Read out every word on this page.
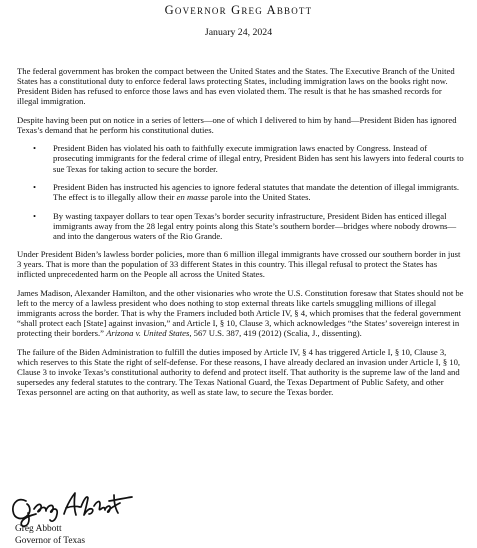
Governor Greg Abbott
January 24, 2024

The federal government has broken the compact between the United States and the States. The Executive Branch of the United States has a constitutional duty to enforce federal laws protecting States, including immigration laws on the books right now. President Biden has refused to enforce those laws and has even violated them. The result is that he has smashed records for illegal immigration.

Despite having been put on notice in a series of letters—one of which I delivered to him by hand—President Biden has ignored Texas’s demand that he perform his constitutional duties.

• President Biden has violated his oath to faithfully execute immigration laws enacted by Congress. Instead of prosecuting immigrants for the federal crime of illegal entry, President Biden has sent his lawyers into federal courts to sue Texas for taking action to secure the border.
• President Biden has instructed his agencies to ignore federal statutes that mandate the detention of illegal immigrants. The effect is to illegally allow their en masse parole into the United States.
• By wasting taxpayer dollars to tear open Texas’s border security infrastructure, President Biden has enticed illegal immigrants away from the 28 legal entry points along this State’s southern border—bridges where nobody drowns—and into the dangerous waters of the Rio Grande.

Under President Biden’s lawless border policies, more than 6 million illegal immigrants have crossed our southern border in just 3 years. That is more than the population of 33 different States in this country. This illegal refusal to protect the States has inflicted unprecedented harm on the People all across the United States.

James Madison, Alexander Hamilton, and the other visionaries who wrote the U.S. Constitution foresaw that States should not be left to the mercy of a lawless president who does nothing to stop external threats like cartels smuggling millions of illegal immigrants across the border. That is why the Framers included both Article IV, § 4, which promises that the federal government “shall protect each [State] against invasion,” and Article I, § 10, Clause 3, which acknowledges “the States’ sovereign interest in protecting their borders.” Arizona v. United States, 567 U.S. 387, 419 (2012) (Scalia, J., dissenting).

The failure of the Biden Administration to fulfill the duties imposed by Article IV, § 4 has triggered Article I, § 10, Clause 3, which reserves to this State the right of self-defense. For these reasons, I have already declared an invasion under Article I, § 10, Clause 3 to invoke Texas’s constitutional authority to defend and protect itself. That authority is the supreme law of the land and supersedes any federal statutes to the contrary. The Texas National Guard, the Texas Department of Public Safety, and other Texas personnel are acting on that authority, as well as state law, to secure the Texas border.

Greg Abbott
Governor of Texas
